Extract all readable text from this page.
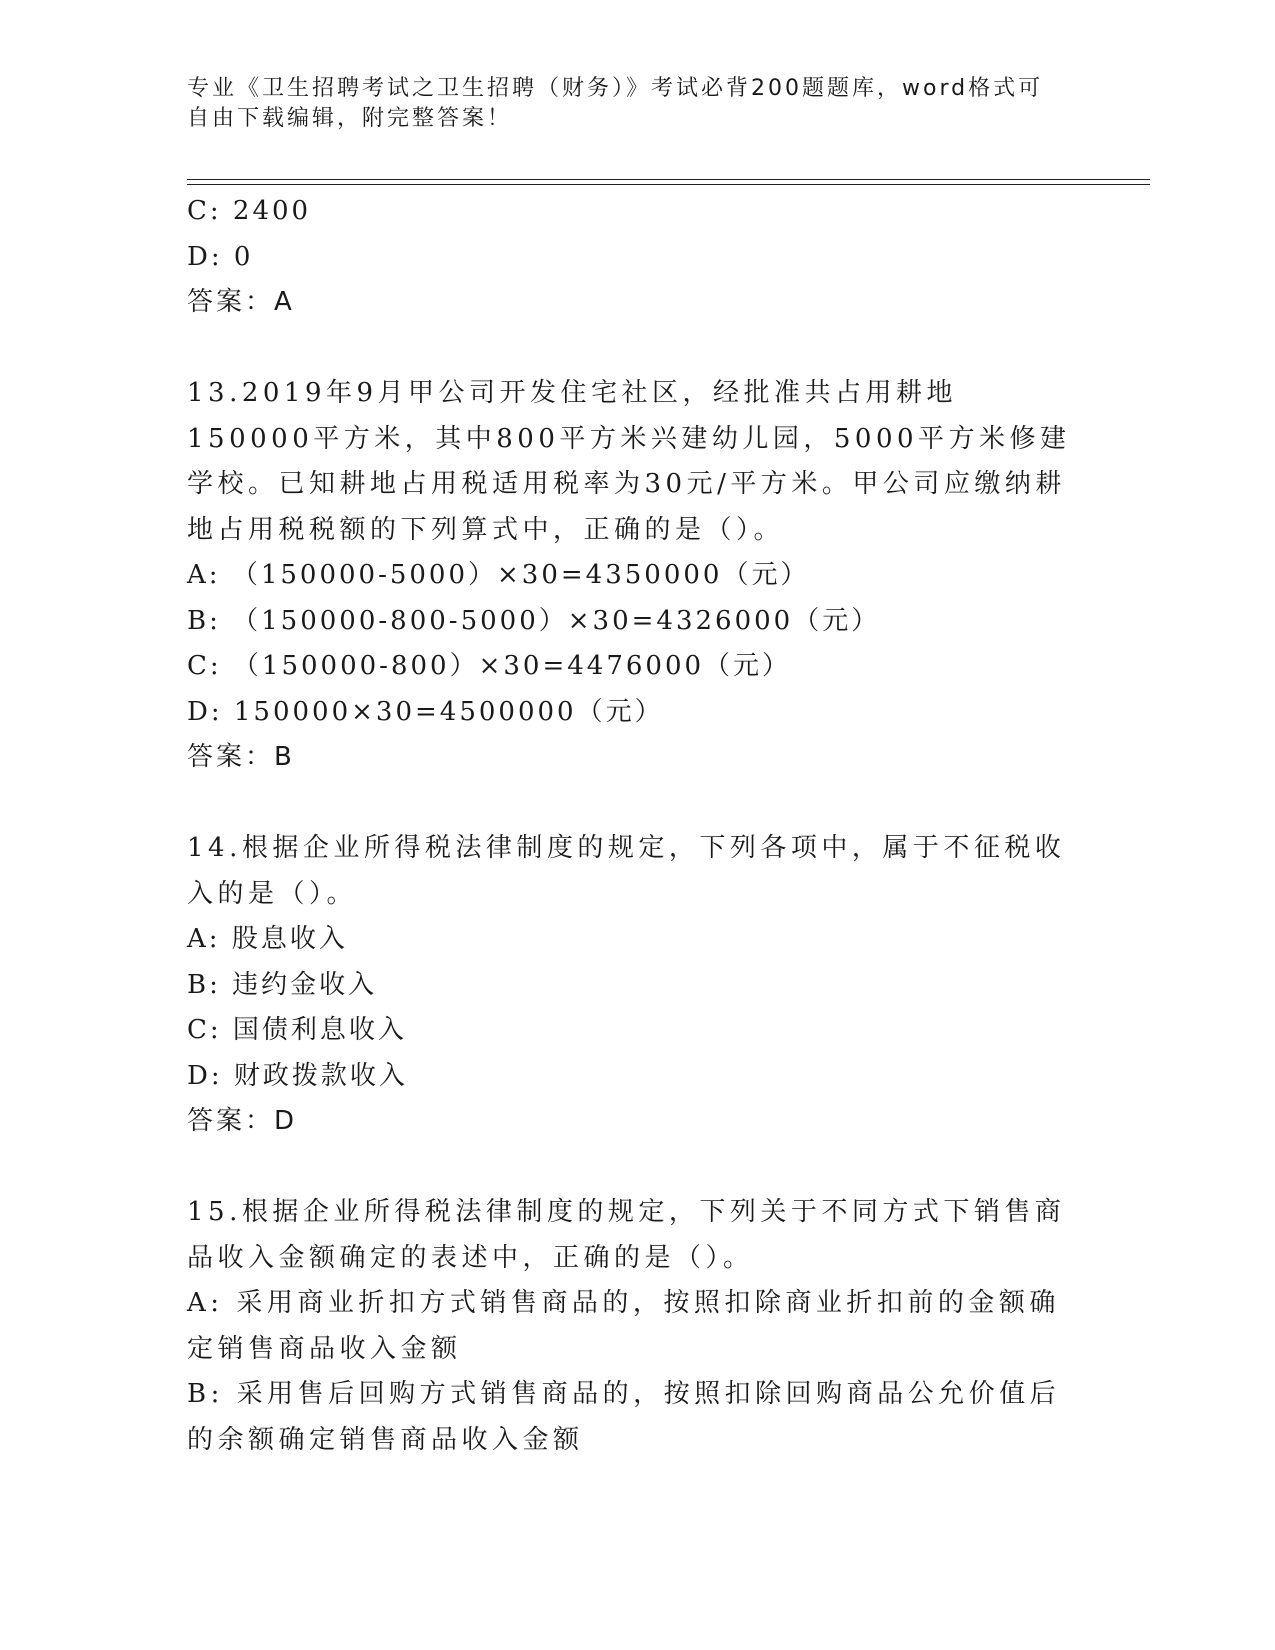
专业《卫生招聘考试之卫生招聘（财务）》考试必背200题题库，word格式可自由下载编辑，附完整答案！
C: 2400
D: 0
答案：A
13.2019年9月甲公司开发住宅社区，经批准共占用耕地150000平方米，其中800平方米兴建幼儿园，5000平方米修建学校。已知耕地占用税适用税率为30元/平方米。甲公司应缴纳耕地占用税税额的下列算式中，正确的是（）。
A: （150000-5000）×30=4350000（元）
B: （150000-800-5000）×30=4326000（元）
C: （150000-800）×30=4476000（元）
D: 150000×30=4500000（元）
答案：B
14.根据企业所得税法律制度的规定，下列各项中，属于不征税收入的是（）。
A: 股息收入
B: 违约金收入
C: 国债利息收入
D: 财政拨款收入
答案：D
15.根据企业所得税法律制度的规定，下列关于不同方式下销售商品收入金额确定的表述中，正确的是（）。
A: 采用商业折扣方式销售商品的，按照扣除商业折扣前的金额确定销售商品收入金额
B: 采用售后回购方式销售商品的，按照扣除回购商品公允价值后的余额确定销售商品收入金额
